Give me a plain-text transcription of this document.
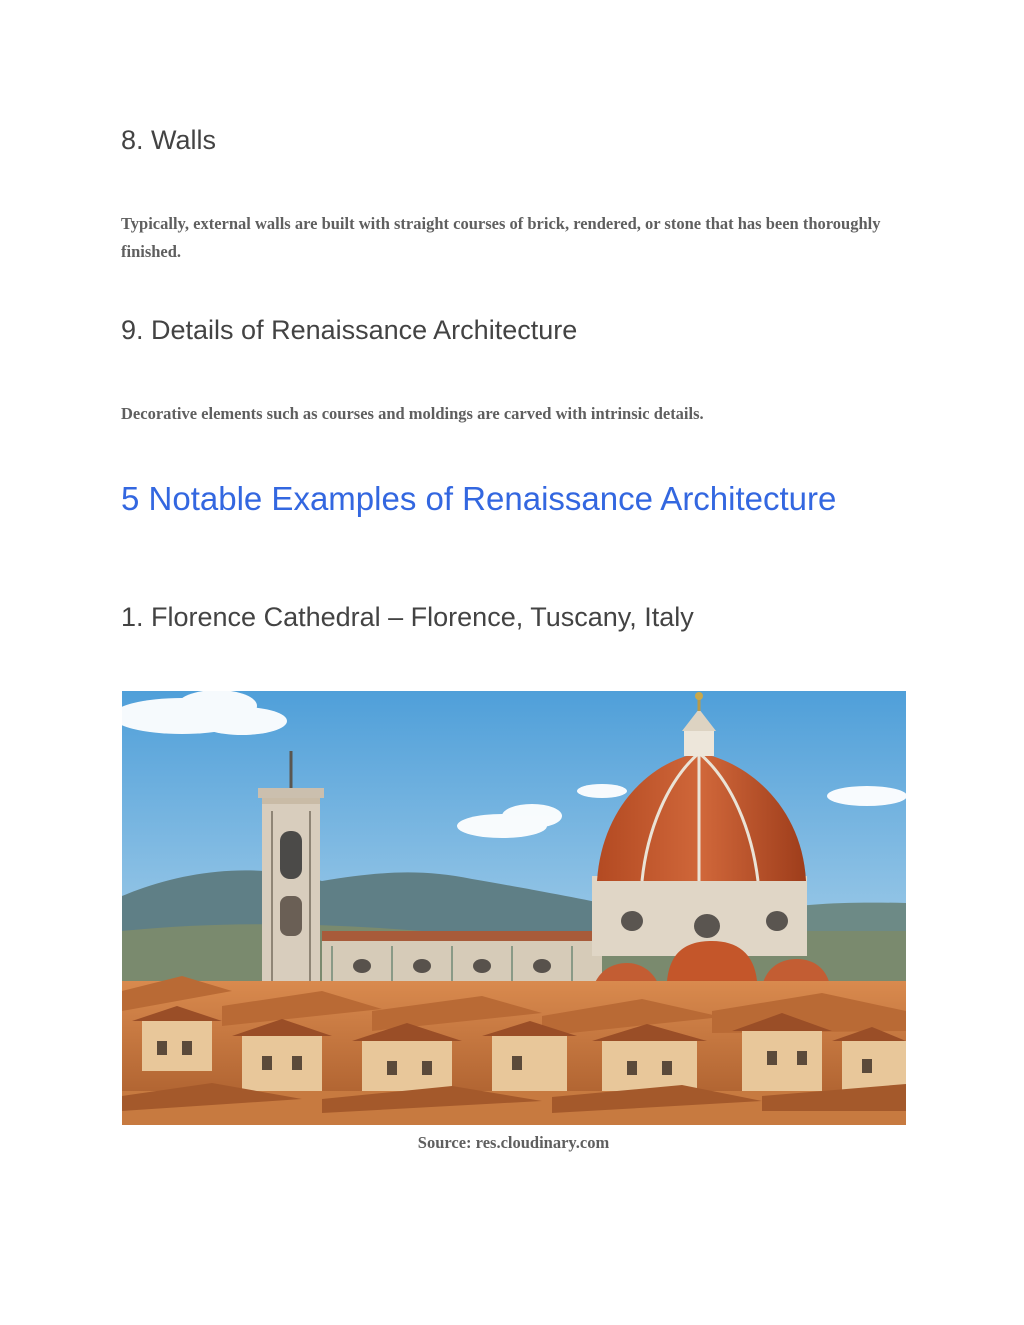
8. Walls

Typically, external walls are built with straight courses of brick, rendered, or stone that has been thoroughly finished.

9. Details of Renaissance Architecture

Decorative elements such as courses and moldings are carved with intrinsic details.

5 Notable Examples of Renaissance Architecture
1. Florence Cathedral – Florence, Tuscany, Italy

Source: res.cloudinary.com
